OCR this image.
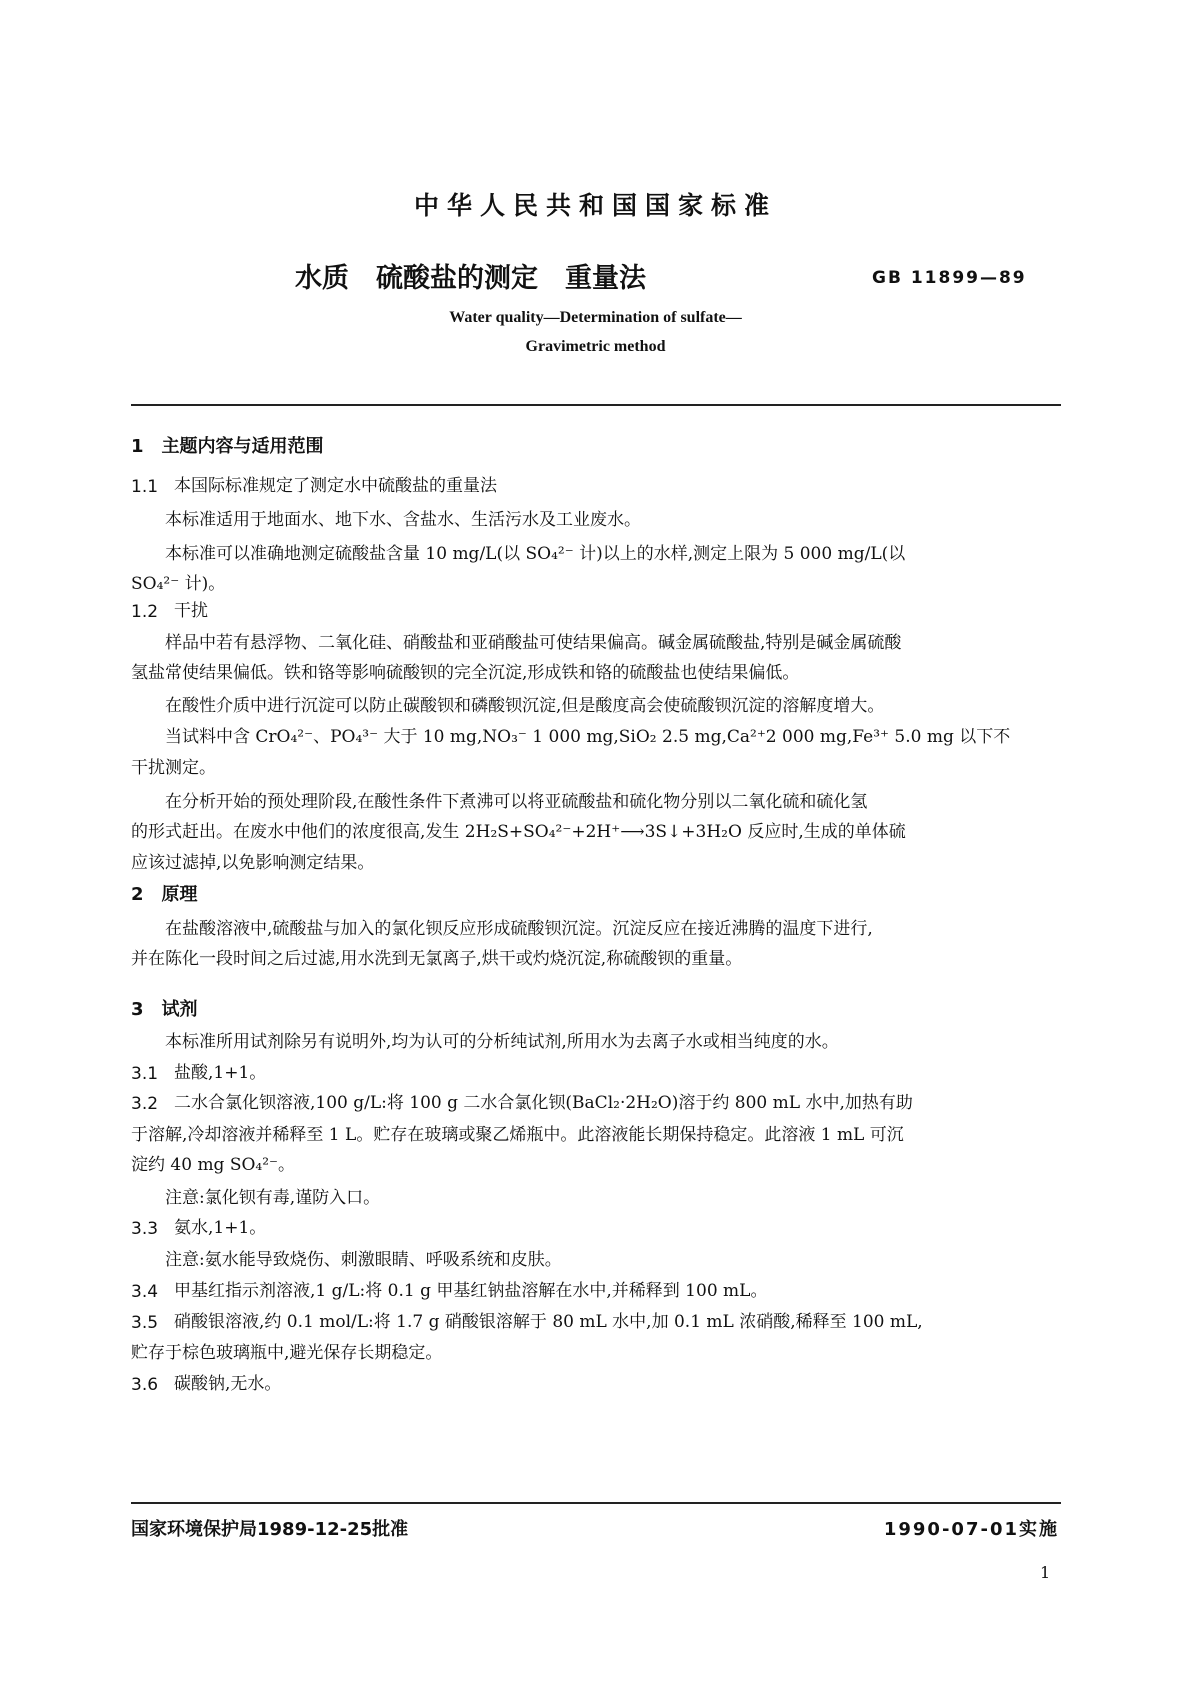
中华人民共和国国家标准
水质　硫酸盐的测定　重量法	GB 11899—89
Water quality—Determination of sulfate—
Gravimetric method
1　主题内容与适用范围
1.1 本国际标准规定了测定水中硫酸盐的重量法
本标准适用于地面水、地下水、含盐水、生活污水及工业废水。
本标准可以准确地测定硫酸盐含量 10 mg/L(以 SO₄²⁻ 计)以上的水样,测定上限为 5 000 mg/L(以
SO₄²⁻ 计)。
1.2 干扰
样品中若有悬浮物、二氧化硅、硝酸盐和亚硝酸盐可使结果偏高。碱金属硫酸盐,特别是碱金属硫酸
氢盐常使结果偏低。铁和铬等影响硫酸钡的完全沉淀,形成铁和铬的硫酸盐也使结果偏低。
在酸性介质中进行沉淀可以防止碳酸钡和磷酸钡沉淀,但是酸度高会使硫酸钡沉淀的溶解度增大。
当试料中含 CrO₄²⁻、PO₄³⁻ 大于 10 mg,NO₃⁻ 1 000 mg,SiO₂ 2.5 mg,Ca²⁺2 000 mg,Fe³⁺ 5.0 mg 以下不
干扰测定。
在分析开始的预处理阶段,在酸性条件下煮沸可以将亚硫酸盐和硫化物分别以二氧化硫和硫化氢
的形式赶出。在废水中他们的浓度很高,发生 2H₂S+SO₄²⁻+2H⁺⟶3S↓+3H₂O 反应时,生成的单体硫
应该过滤掉,以免影响测定结果。
2　原理
在盐酸溶液中,硫酸盐与加入的氯化钡反应形成硫酸钡沉淀。沉淀反应在接近沸腾的温度下进行,
并在陈化一段时间之后过滤,用水洗到无氯离子,烘干或灼烧沉淀,称硫酸钡的重量。
3　试剂
本标准所用试剂除另有说明外,均为认可的分析纯试剂,所用水为去离子水或相当纯度的水。
3.1 盐酸,1+1。
3.2 二水合氯化钡溶液,100 g/L:将 100 g 二水合氯化钡(BaCl₂·2H₂O)溶于约 800 mL 水中,加热有助
于溶解,冷却溶液并稀释至 1 L。贮存在玻璃或聚乙烯瓶中。此溶液能长期保持稳定。此溶液 1 mL 可沉
淀约 40 mg SO₄²⁻。
注意:氯化钡有毒,谨防入口。
3.3 氨水,1+1。
注意:氨水能导致烧伤、刺激眼睛、呼吸系统和皮肤。
3.4 甲基红指示剂溶液,1 g/L:将 0.1 g 甲基红钠盐溶解在水中,并稀释到 100 mL。
3.5 硝酸银溶液,约 0.1 mol/L:将 1.7 g 硝酸银溶解于 80 mL 水中,加 0.1 mL 浓硝酸,稀释至 100 mL,
贮存于棕色玻璃瓶中,避光保存长期稳定。
3.6 碳酸钠,无水。
国家环境保护局1989-12-25批准	1990-07-01实施
1
